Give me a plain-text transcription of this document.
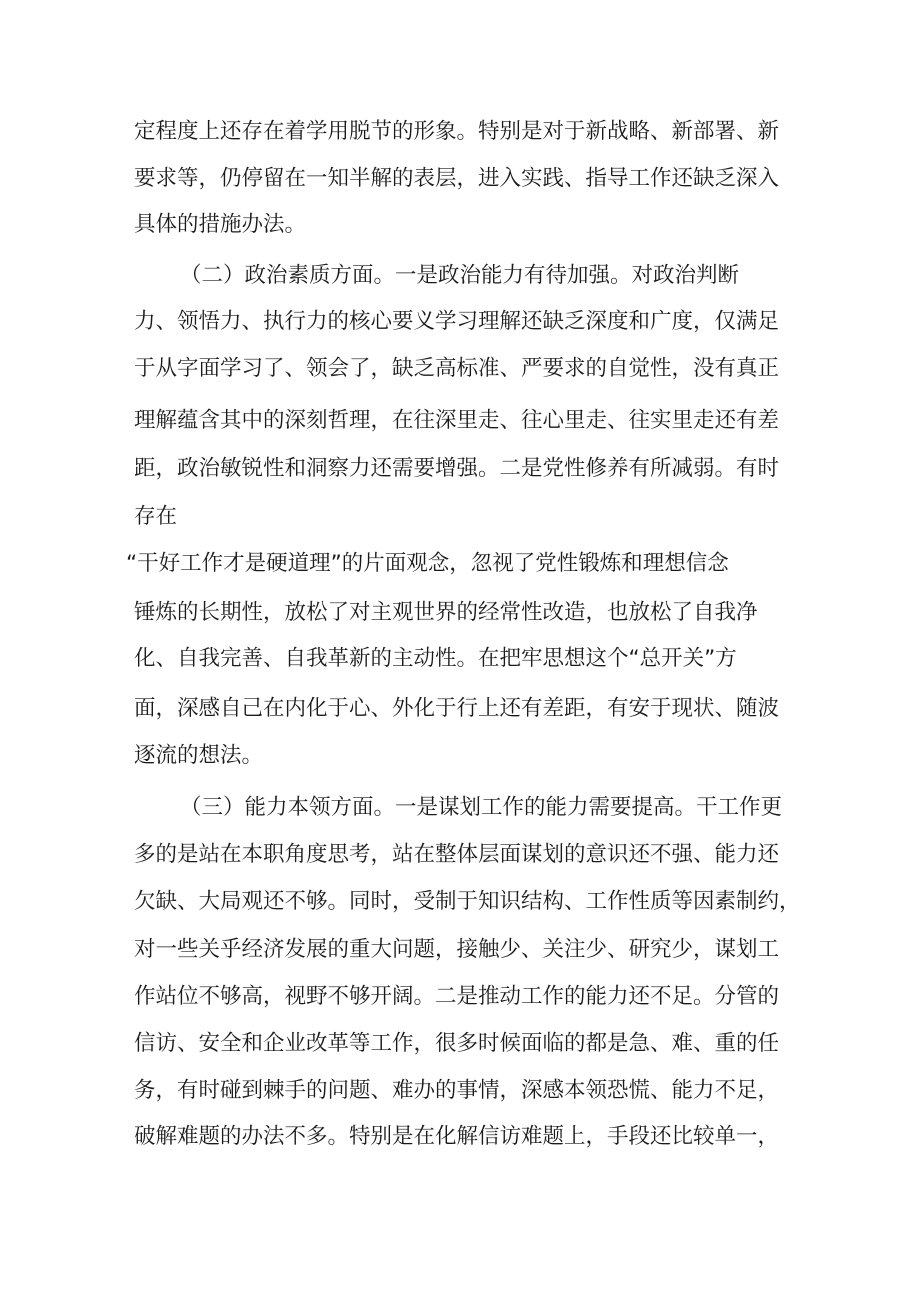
定程度上还存在着学用脱节的形象。特别是对于新战略、新部署、新

要求等，仍停留在一知半解的表层，进入实践、指导工作还缺乏深入

具体的措施办法。

（二）政治素质方面。一是政治能力有待加强。对政治判断

力、领悟力、执行力的核心要义学习理解还缺乏深度和广度，仅满足

于从字面学习了、领会了，缺乏高标准、严要求的自觉性，没有真正

理解蕴含其中的深刻哲理，在往深里走、往心里走、往实里走还有差

距，政治敏锐性和洞察力还需要增强。二是党性修养有所减弱。有时

存在

“干好工作才是硬道理”的片面观念，忽视了党性锻炼和理想信念

锤炼的长期性，放松了对主观世界的经常性改造，也放松了自我净

化、自我完善、自我革新的主动性。在把牢思想这个“总开关”方

面，深感自己在内化于心、外化于行上还有差距，有安于现状、随波

逐流的想法。

（三）能力本领方面。一是谋划工作的能力需要提高。干工作更

多的是站在本职角度思考，站在整体层面谋划的意识还不强、能力还

欠缺、大局观还不够。同时，受制于知识结构、工作性质等因素制约，

对一些关乎经济发展的重大问题，接触少、关注少、研究少，谋划工

作站位不够高，视野不够开阔。二是推动工作的能力还不足。分管的

信访、安全和企业改革等工作，很多时候面临的都是急、难、重的任

务，有时碰到棘手的问题、难办的事情，深感本领恐慌、能力不足，

破解难题的办法不多。特别是在化解信访难题上，手段还比较单一，
